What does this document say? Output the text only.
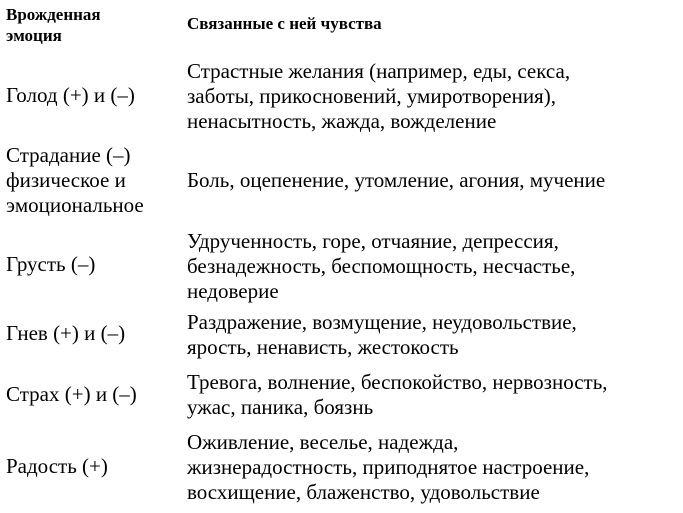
Врожденная
эмоция
Связанные с ней чувства
Голод (+) и (–)
Страстные желания (например, еды, секса,
заботы, прикосновений, умиротворения),
ненасытность, жажда, вожделение
Страдание (–)
физическое и
эмоциональное
Боль, оцепенение, утомление, агония, мучение
Грусть (–)
Удрученность, горе, отчаяние, депрессия,
безнадежность, беспомощность, несчастье,
недоверие
Гнев (+) и (–)	Раздражение, возмущение, неудовольствие,
ярость, ненависть, жестокость
Страх (+) и (–) Тревога, волнение, беспокойство, нервозность,
ужас, паника, боязнь
Радость (+)
Оживление, веселье, надежда,
жизнерадостность, приподнятое настроение,
восхищение, блаженство, удовольствие
